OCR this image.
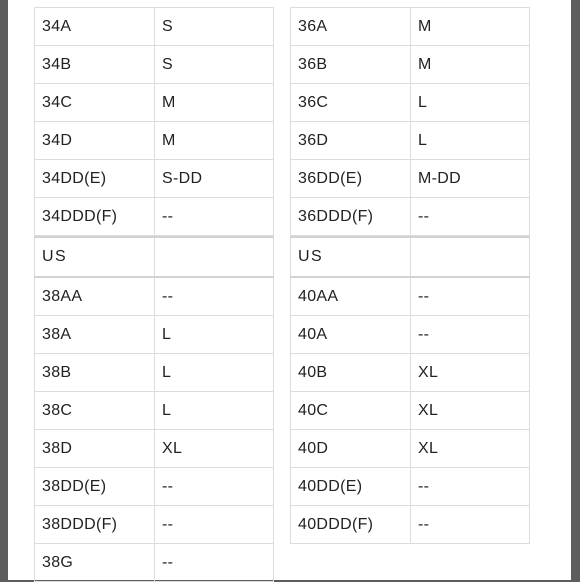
34A	S
34B	S
34C	M
34D	M
34DD(E)	S-DD
34DDD(F)	--
36A	M
36B	M
36C	L
36D	L
36DD(E)	M-DD
36DDD(F)	--
US	
38AA	--
38A	L
38B	L
38C	L
38D	XL
38DD(E)	--
38DDD(F)	--
38G	--
US	
40AA	--
40A	--
40B	XL
40C	XL
40D	XL
40DD(E)	--
40DDD(F)	--
